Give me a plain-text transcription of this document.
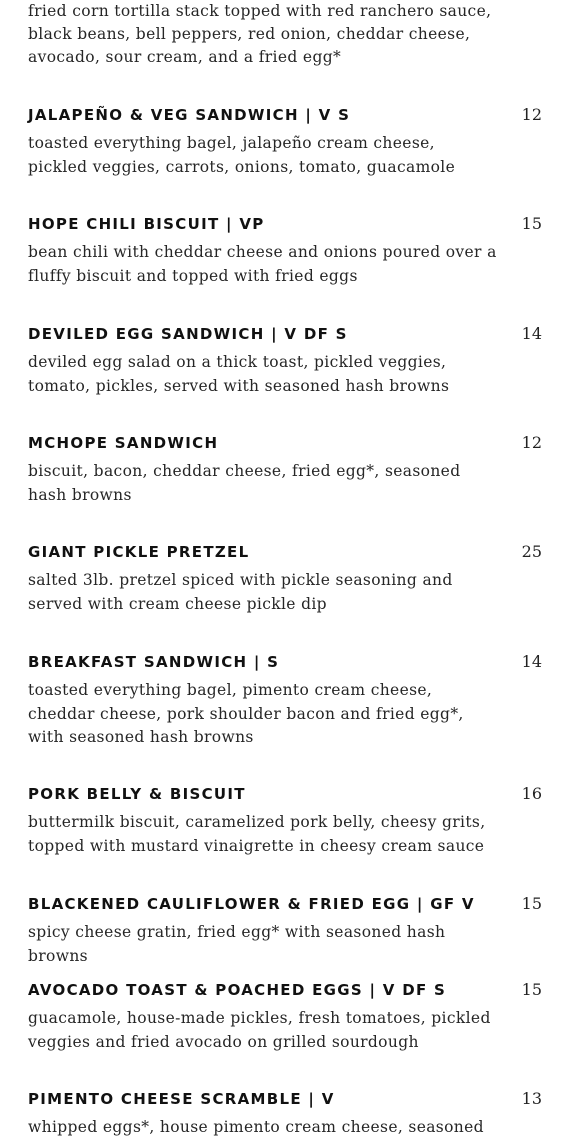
fried corn tortilla stack topped with red ranchero sauce, black beans, bell peppers, red onion, cheddar cheese, avocado, sour cream, and a fried egg*

JALAPEÑO & VEG SANDWICH | V S	12

toasted everything bagel, jalapeño cream cheese, pickled veggies, carrots, onions, tomato, guacamole

HOPE CHILI BISCUIT | VP	15

bean chili with cheddar cheese and onions poured over a fluffy biscuit and topped with fried eggs

DEVILED EGG SANDWICH | V DF S	14

deviled egg salad on a thick toast, pickled veggies, tomato, pickles, served with seasoned hash browns

MCHOPE SANDWICH	12

biscuit, bacon, cheddar cheese, fried egg*, seasoned hash browns

GIANT PICKLE PRETZEL	25

salted 3lb. pretzel spiced with pickle seasoning and served with cream cheese pickle dip

BREAKFAST SANDWICH | S	14

toasted everything bagel, pimento cream cheese, cheddar cheese, pork shoulder bacon and fried egg*, with seasoned hash browns

PORK BELLY & BISCUIT	16

buttermilk biscuit, caramelized pork belly, cheesy grits, topped with mustard vinaigrette in cheesy cream sauce

BLACKENED CAULIFLOWER & FRIED EGG | GF V	15

spicy cheese gratin, fried egg* with seasoned hash browns

AVOCADO TOAST & POACHED EGGS | V DF S	15

guacamole, house-made pickles, fresh tomatoes, pickled veggies and fried avocado on grilled sourdough

PIMENTO CHEESE SCRAMBLE | V	13

whipped eggs*, house pimento cream cheese, seasoned
